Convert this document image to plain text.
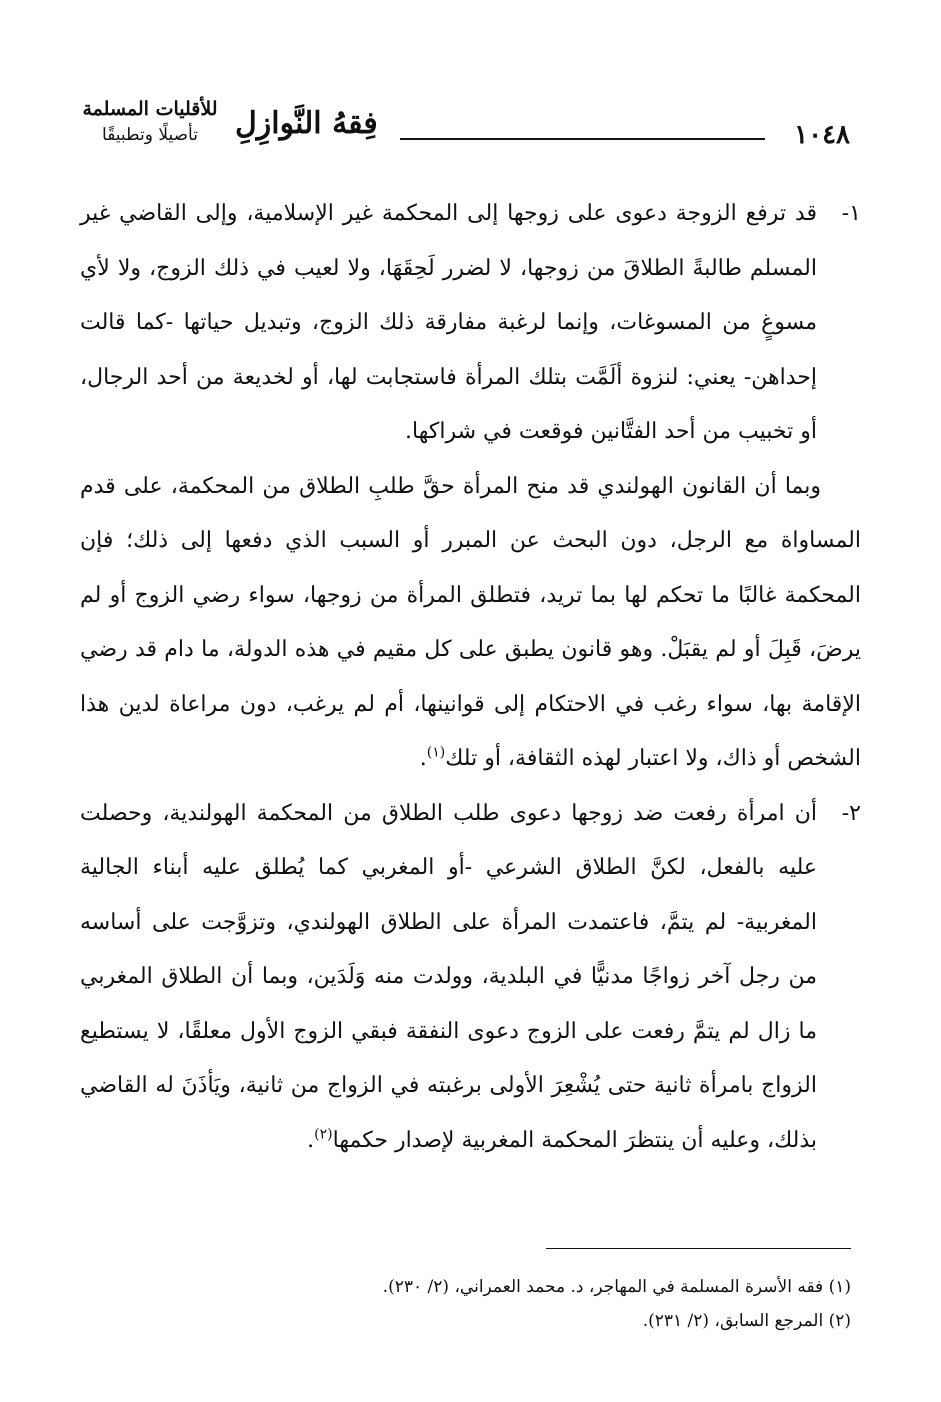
١٠٤٨
فِقهُ النَّوازِلِ
للأقليات المسلمة
تأصيلًا وتطبيقًا
١-
قد ترفع الزوجة دعوى على زوجها إلى المحكمة غير الإسلامية، وإلى القاضي غير المسلم طالبةً الطلاقَ من زوجها، لا لضرر لَحِقَهَا، ولا لعيب في ذلك الزوج، ولا لأي مسوغٍ من المسوغات، وإنما لرغبة مفارقة ذلك الزوج، وتبديل حياتها -كما قالت إحداهن- يعني: لنزوة ألَمَّت بتلك المرأة فاستجابت لها، أو لخديعة من أحد الرجال، أو تخبيب من أحد الفتَّانين فوقعت في شراكها.

وبما أن القانون الهولندي قد منح المرأة حقَّ طلبِ الطلاق من المحكمة، على قدم المساواة مع الرجل، دون البحث عن المبرر أو السبب الذي دفعها إلى ذلك؛ فإن المحكمة غالبًا ما تحكم لها بما تريد، فتطلق المرأة من زوجها، سواء رضي الزوج أو لم يرضَ، قَبِلَ أو لم يقبَلْ. وهو قانون يطبق على كل مقيم في هذه الدولة، ما دام قد رضي الإقامة بها، سواء رغب في الاحتكام إلى قوانينها، أم لم يرغب، دون مراعاة لدين هذا الشخص أو ذاك، ولا اعتبار لهذه الثقافة، أو تلك$^{(١)}$.

٢-
أن امرأة رفعت ضد زوجها دعوى طلب الطلاق من المحكمة الهولندية، وحصلت عليه بالفعل، لكنَّ الطلاق الشرعي -أو المغربي كما يُطلق عليه أبناء الجالية المغربية- لم يتمَّ، فاعتمدت المرأة على الطلاق الهولندي، وتزوَّجت على أساسه من رجل آخر زواجًا مدنيًّا في البلدية، وولدت منه وَلَدَين، وبما أن الطلاق المغربي ما زال لم يتمَّ رفعت على الزوج دعوى النفقة فبقي الزوج الأول معلقًا، لا يستطيع الزواج بامرأة ثانية حتى يُشْعِرَ الأولى برغبته في الزواج من ثانية، ويَأذَنَ له القاضي بذلك، وعليه أن ينتظرَ المحكمة المغربية لإصدار حكمها$^{(٢)}$.

(١) فقه الأسرة المسلمة في المهاجر، د. محمد العمراني، (٢/ ٢٣٠).

(٢) المرجع السابق، (٢/ ٢٣١).
